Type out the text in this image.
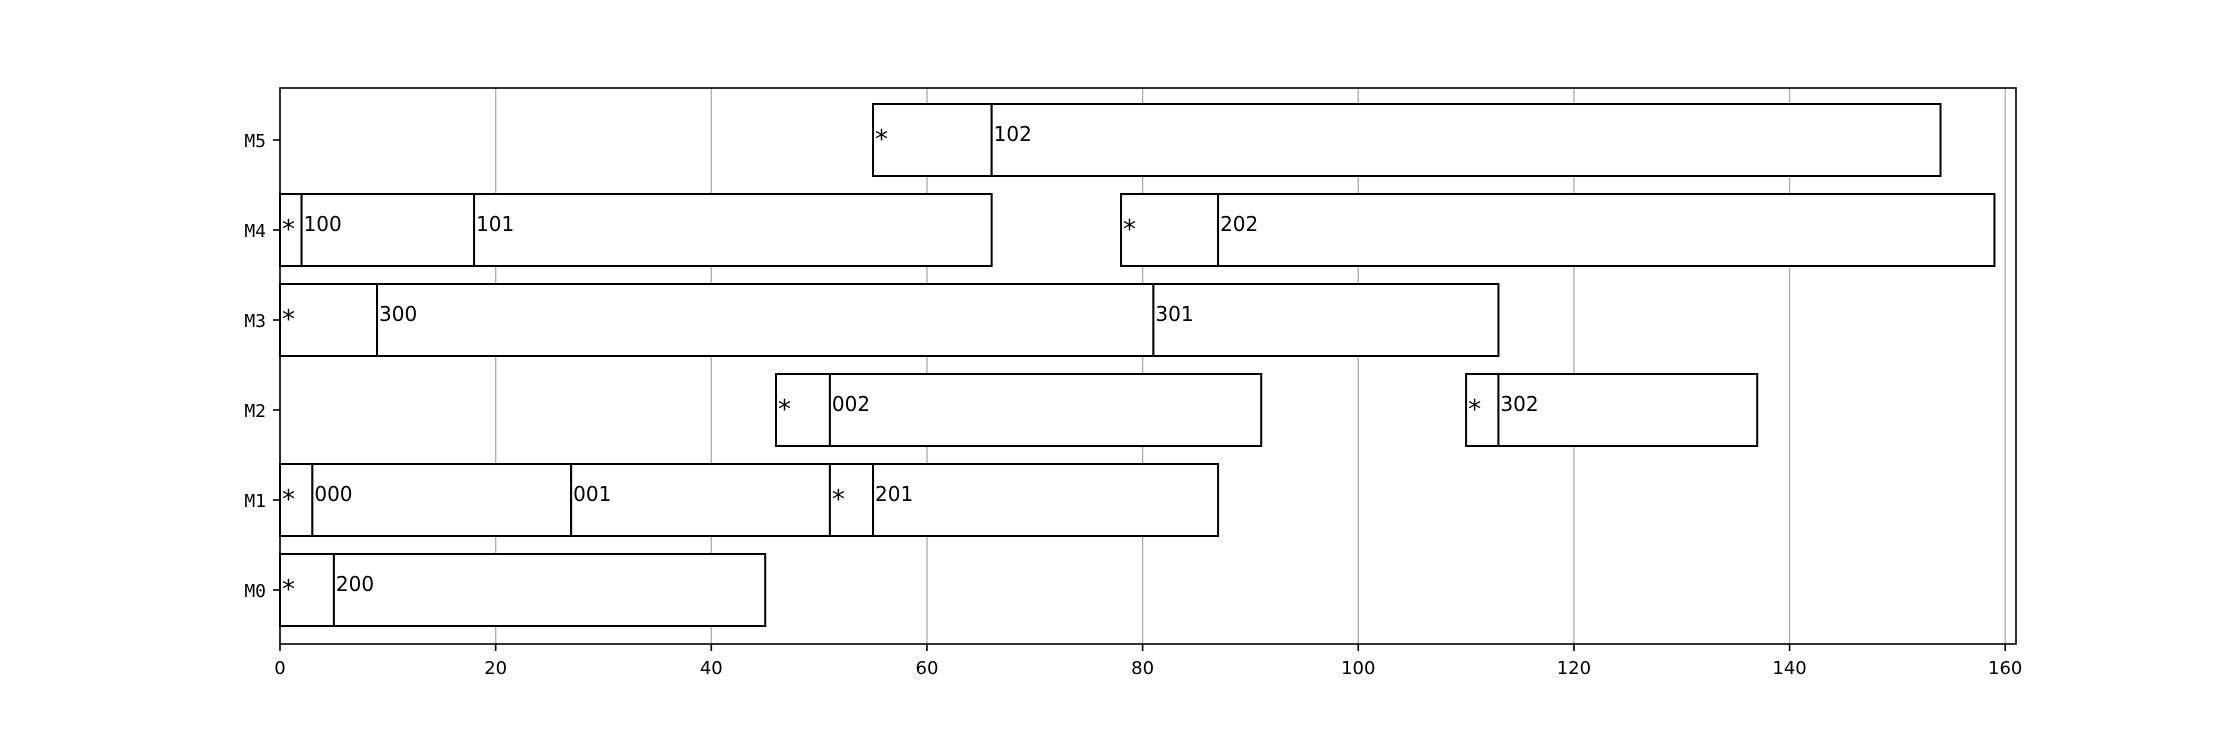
* 200
* 000	001	* 201
* 002	* 302
*	300	301
* 100	101	*	202
*	102
0	20	40	60	80	100	120	140	160
M0
M1
M2
M3
M4
M5
